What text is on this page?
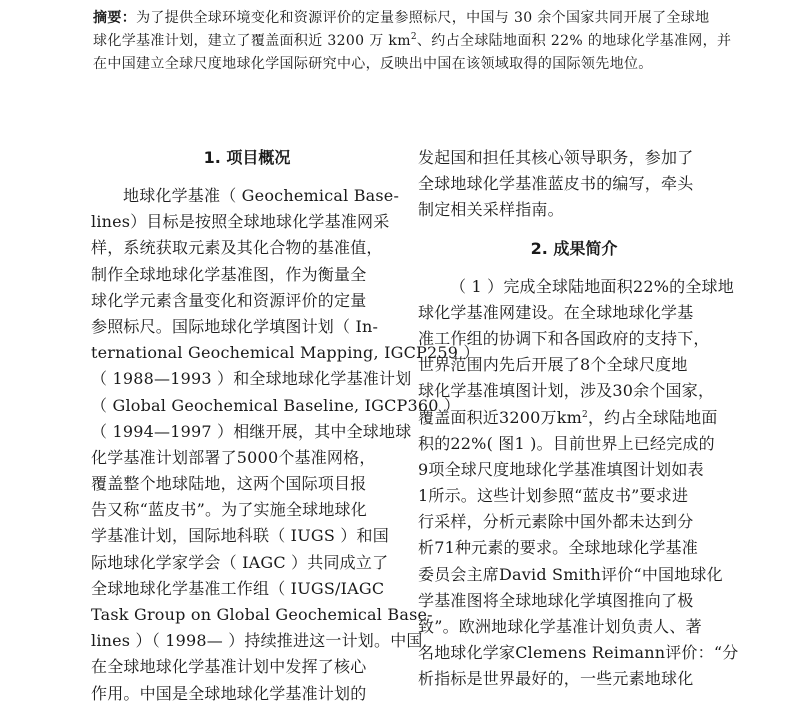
摘要：为了提供全球环境变化和资源评价的定量参照标尺，中国与 30 余个国家共同开展了全球地
球化学基准计划，建立了覆盖面积近 3200 万 $km^2$、约占全球陆地面积 22% 的地球化学基准网，并
在中国建立全球尺度地球化学国际研究中心，反映出中国在该领域取得的国际领先地位。
1. 项目概况
地球化学基准（ Geochemical Base-
lines）目标是按照全球地球化学基准网采
样，系统获取元素及其化合物的基准值，
制作全球地球化学基准图，作为衡量全
球化学元素含量变化和资源评价的定量
参照标尺。国际地球化学填图计划（ In-
ternational Geochemical Mapping, IGCP259 ）
（ 1988—1993 ）和全球地球化学基准计划
（ Global Geochemical Baseline, IGCP360 ）
（ 1994—1997 ）相继开展，其中全球地球
化学基准计划部署了5000个基准网格，
覆盖整个地球陆地，这两个国际项目报
告又称“蓝皮书”。为了实施全球地球化
学基准计划，国际地科联（ IUGS ）和国
际地球化学家学会（ IAGC ）共同成立了
全球地球化学基准工作组（ IUGS/IAGC
Task Group on Global Geochemical Base-
lines ）（ 1998— ）持续推进这一计划。中国
在全球地球化学基准计划中发挥了核心
作用。中国是全球地球化学基准计划的
发起国和担任其核心领导职务，参加了
全球地球化学基准蓝皮书的编写，牵头
制定相关采样指南。
2. 成果简介
（ 1 ）完成全球陆地面积22%的全球地
球化学基准网建设。在全球地球化学基
准工作组的协调下和各国政府的支持下，
世界范围内先后开展了8个全球尺度地
球化学基准填图计划，涉及30余个国家，
覆盖面积近3200万$km^2$，约占全球陆地面
积的22%( 图1 )。目前世界上已经完成的
9项全球尺度地球化学基准填图计划如表
1所示。这些计划参照“蓝皮书”要求进
行采样，分析元素除中国外都未达到分
析71种元素的要求。全球地球化学基准
委员会主席David Smith评价“中国地球化
学基准图将全球地球化学填图推向了极
致”。欧洲地球化学基准计划负责人、著
名地球化学家Clemens Reimann评价：“分
析指标是世界最好的，一些元素地球化
